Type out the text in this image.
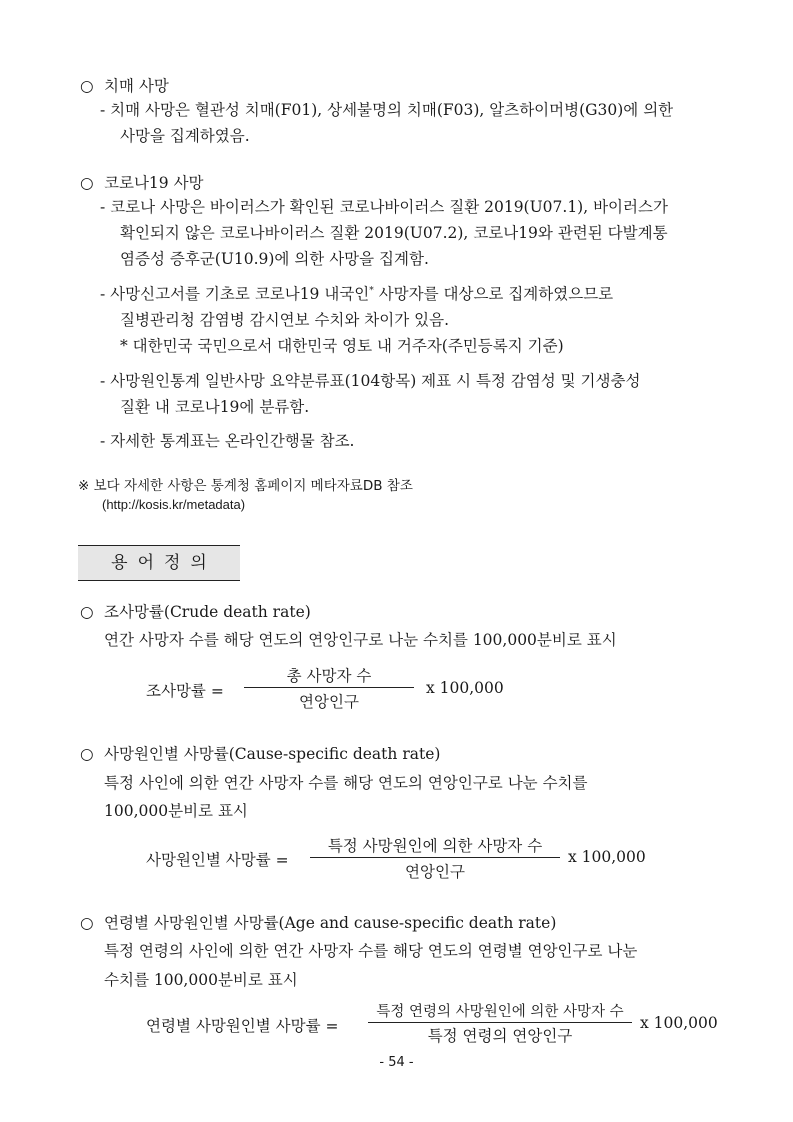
○ 치매 사망
- 치매 사망은 혈관성 치매(F01), 상세불명의 치매(F03), 알츠하이머병(G30)에 의한
사망을 집계하였음.
○ 코로나19 사망
- 코로나 사망은 바이러스가 확인된 코로나바이러스 질환 2019(U07.1), 바이러스가
확인되지 않은 코로나바이러스 질환 2019(U07.2), 코로나19와 관련된 다발계통
염증성 증후군(U10.9)에 의한 사망을 집계함.
- 사망신고서를 기초로 코로나19 내국인* 사망자를 대상으로 집계하였으므로
질병관리청 감염병 감시연보 수치와 차이가 있음.
* 대한민국 국민으로서 대한민국 영토 내 거주자(주민등록지 기준)
- 사망원인통계 일반사망 요약분류표(104항목) 제표 시 특정 감염성 및 기생충성
질환 내 코로나19에 분류함.
- 자세한 통계표는 온라인간행물 참조.
※ 보다 자세한 사항은 통계청 홈페이지 메타자료DB 참조
(http://kosis.kr/metadata)
용어정의
○ 조사망률(Crude death rate)
연간 사망자 수를 해당 연도의 연앙인구로 나눈 수치를 100,000분비로 표시
조사망률 =
총 사망자 수
연앙인구
x 100,000
○ 사망원인별 사망률(Cause-specific death rate)
특정 사인에 의한 연간 사망자 수를 해당 연도의 연앙인구로 나눈 수치를
100,000분비로 표시
사망원인별 사망률 =
특정 사망원인에 의한 사망자 수
연앙인구
x 100,000
○ 연령별 사망원인별 사망률(Age and cause-specific death rate)
특정 연령의 사인에 의한 연간 사망자 수를 해당 연도의 연령별 연앙인구로 나눈
수치를 100,000분비로 표시
연령별 사망원인별 사망률 =
특정 연령의 사망원인에 의한 사망자 수
특정 연령의 연앙인구
x 100,000
- 54 -
